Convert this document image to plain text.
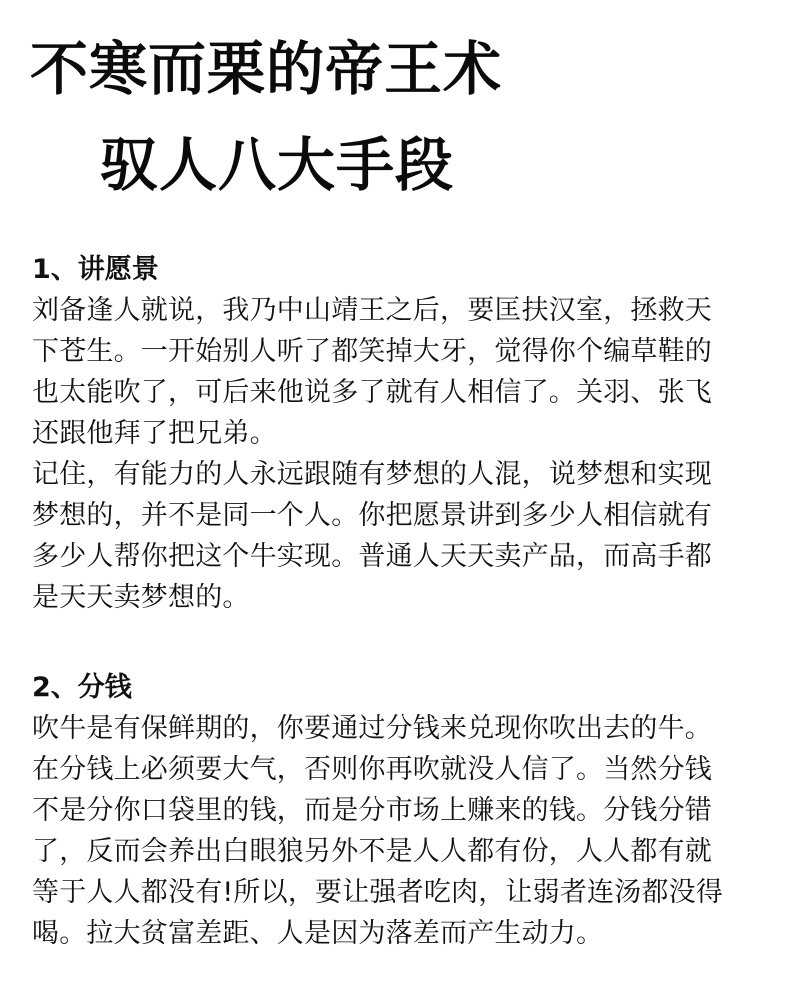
不寒而栗的帝王术
驭人八大手段
1、讲愿景
刘备逢人就说，我乃中山靖王之后，要匡扶汉室，拯救天
下苍生。一开始别人听了都笑掉大牙，觉得你个编草鞋的
也太能吹了，可后来他说多了就有人相信了。关羽、张飞
还跟他拜了把兄弟。
记住，有能力的人永远跟随有梦想的人混，说梦想和实现
梦想的，并不是同一个人。你把愿景讲到多少人相信就有
多少人帮你把这个牛实现。普通人天天卖产品，而高手都
是天天卖梦想的。
2、分钱
吹牛是有保鲜期的，你要通过分钱来兑现你吹出去的牛。
在分钱上必须要大气，否则你再吹就没人信了。当然分钱
不是分你口袋里的钱，而是分市场上赚来的钱。分钱分错
了，反而会养出白眼狼另外不是人人都有份，人人都有就
等于人人都没有!所以，要让强者吃肉，让弱者连汤都没得
喝。拉大贫富差距、人是因为落差而产生动力。
